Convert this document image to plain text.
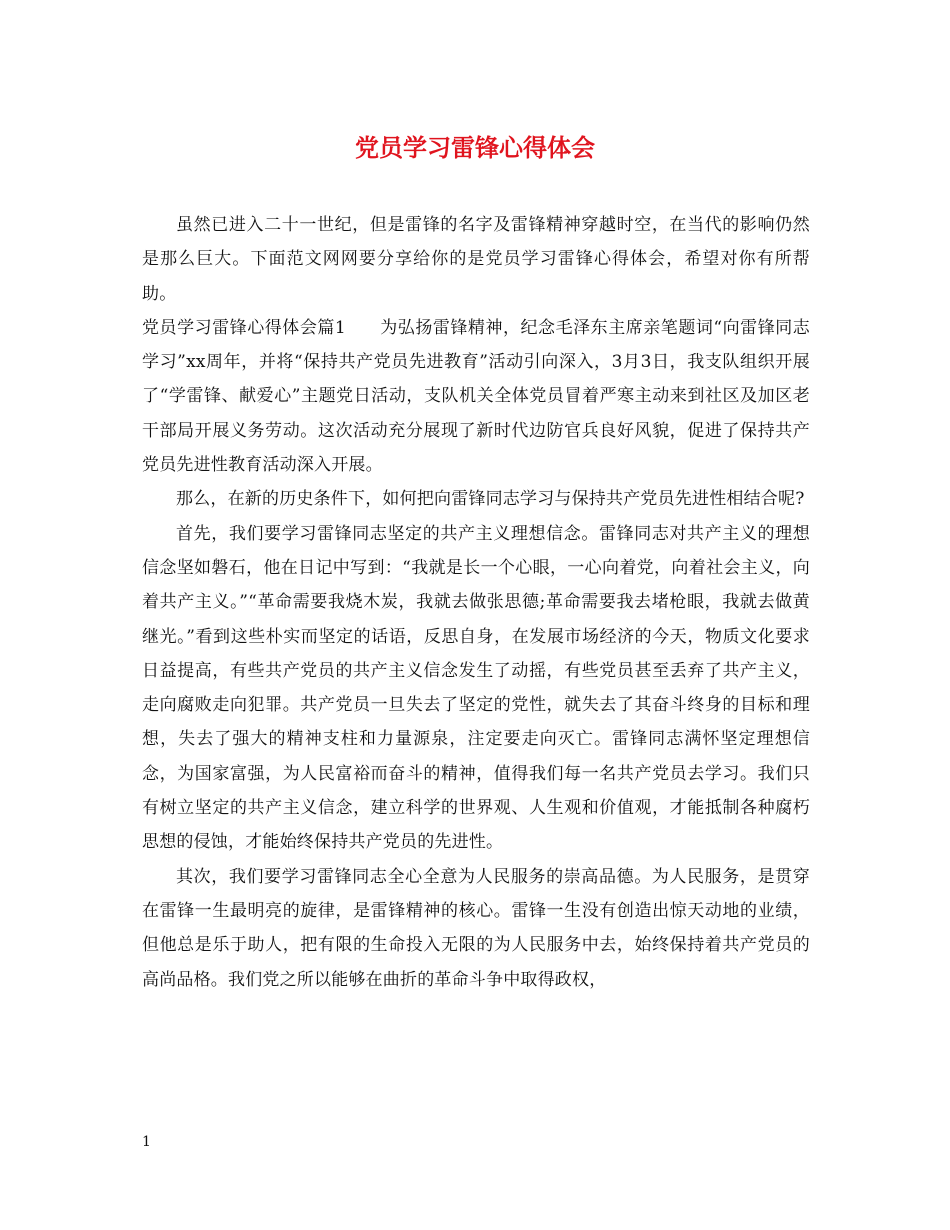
党员学习雷锋心得体会

虽然已进入二十一世纪，但是雷锋的名字及雷锋精神穿越时空，在当代的影响仍然是那么巨大。下面范文网网要分享给你的是党员学习雷锋心得体会，希望对你有所帮助。

党员学习雷锋心得体会篇1 为弘扬雷锋精神，纪念毛泽东主席亲笔题词“向雷锋同志学习”xx周年，并将“保持共产党员先进教育”活动引向深入，3月3日，我支队组织开展了“学雷锋、献爱心”主题党日活动，支队机关全体党员冒着严寒主动来到社区及加区老干部局开展义务劳动。这次活动充分展现了新时代边防官兵良好风貌，促进了保持共产党员先进性教育活动深入开展。

那么，在新的历史条件下，如何把向雷锋同志学习与保持共产党员先进性相结合呢?

首先，我们要学习雷锋同志坚定的共产主义理想信念。雷锋同志对共产主义的理想信念坚如磐石，他在日记中写到：“我就是长一个心眼，一心向着党，向着社会主义，向着共产主义。”“革命需要我烧木炭，我就去做张思德;革命需要我去堵枪眼，我就去做黄继光。”看到这些朴实而坚定的话语，反思自身，在发展市场经济的今天，物质文化要求日益提高，有些共产党员的共产主义信念发生了动摇，有些党员甚至丢弃了共产主义，走向腐败走向犯罪。共产党员一旦失去了坚定的党性，就失去了其奋斗终身的目标和理想，失去了强大的精神支柱和力量源泉，注定要走向灭亡。雷锋同志满怀坚定理想信念，为国家富强，为人民富裕而奋斗的精神，值得我们每一名共产党员去学习。我们只有树立坚定的共产主义信念，建立科学的世界观、人生观和价值观，才能抵制各种腐朽思想的侵蚀，才能始终保持共产党员的先进性。

其次，我们要学习雷锋同志全心全意为人民服务的崇高品德。为人民服务，是贯穿在雷锋一生最明亮的旋律，是雷锋精神的核心。雷锋一生没有创造出惊天动地的业绩，但他总是乐于助人，把有限的生命投入无限的为人民服务中去，始终保持着共产党员的高尚品格。我们党之所以能够在曲折的革命斗争中取得政权，

1
